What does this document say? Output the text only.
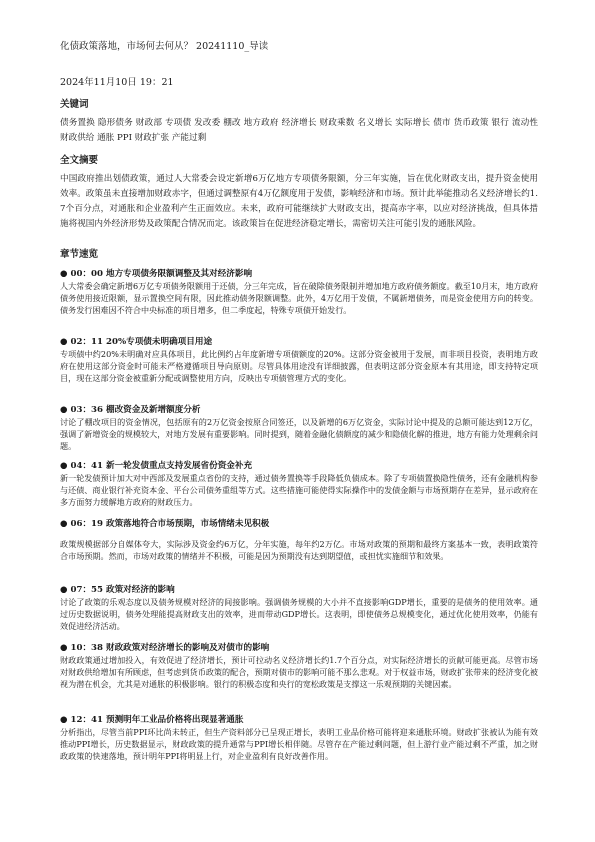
化债政策落地，市场何去何从？ 20241110_导读
2024年11月10日 19：21
关键词
债务置换 隐形债务 财政部 专项债 发改委 棚改 地方政府 经济增长 财政乘数 名义增长 实际增长 债市 货币政策 银行 流动性 财政供给 通胀 PPI 财政扩张 产能过剩
全文摘要
中国政府推出划债政策，通过人大常委会设定新增6万亿地方专项债务限额，分三年实施，旨在优化财政支出，提升资金使用效率。政策虽未直接增加财政赤字，但通过调整原有4万亿额度用于发债，影响经济和市场。预计此举能推动名义经济增长约1.7个百分点，对通胀和企业盈利产生正面效应。未来，政府可能继续扩大财政支出，提高赤字率，以应对经济挑战，但具体措施将视国内外经济形势及政策配合情况而定。该政策旨在促进经济稳定增长，需密切关注可能引发的通胀风险。
章节速览
● 00：00 地方专项债务限额调整及其对经济影响
人大常委会确定新增6万亿专项债务限额用于还债，分三年完成，旨在破除债务限制并增加地方政府债务额度。截至10月末，地方政府债务使用接近限额，显示置换空间有限，因此推动债务限额调整。此外，4万亿用于发债，不属新增债务，而是资金使用方向的转变。债务发行困难因不符合中央标准的项目增多，但二季度起，特殊专项债开始发行。
● 02：11 20%专项债未明确项目用途
专项债中约20%未明确对应具体项目，此比例约占年度新增专项债额度的20%。这部分资金被用于发展，而非项目投资，表明地方政府在使用这部分资金时可能未严格遵循项目导向原则。尽管具体用途没有详细披露，但表明这部分资金原本有其用途，即支持特定项目，现在这部分资金被重新分配或调整使用方向，反映出专项债管理方式的变化。
● 03：36 棚改资金及新增额度分析
讨论了棚改项目的资金情况，包括原有的2万亿资金按原合同签还，以及新增的6万亿资金，实际讨论中提及的总额可能达到12万亿，强调了新增资金的规模较大，对地方发展有重要影响。同时提到，随着金融化债额度的减少和隐债化解的推进，地方有能力处理剩余问题。
● 04：41 新一轮发债重点支持发展省份资金补充
新一轮发债预计加大对中西部及发展重点省份的支持，通过债务置换等手段降低负债成本。除了专项债置换隐性债务，还有金融机构参与还债、商业银行补充资本金、平台公司债务重组等方式。这些措施可能使得实际操作中的发债金额与市场预期存在差异，显示政府在多方面努力缓解地方政府的财政压力。
● 06：19 政策落地符合市场预期，市场情绪未见积极
政策规模据部分自媒体夸大，实际涉及资金约6万亿，分年实施，每年约2万亿。市场对政策的预期和最终方案基本一致，表明政策符合市场预期。然而，市场对政策的情绪并不积极，可能是因为预期没有达到期望值，或担忧实施细节和效果。
● 07：55 政策对经济的影响
讨论了政策的乐观态度以及债务规模对经济的间接影响。强调债务规模的大小并不直接影响GDP增长，重要的是债务的使用效率。通过历史数据说明，债务处理能提高财政支出的效率，进而带动GDP增长。这表明，即使债务总规模变化，通过优化使用效率，仍能有效促进经济活动。
● 10：38 财政政策对经济增长的影响及对债市的影响
财政政策通过增加投入，有效促进了经济增长，预计可拉动名义经济增长约1.7个百分点，对实际经济增长的贡献可能更高。尽管市场对财政供给增加有所顾虑，但考虑到货币政策的配合，预期对债市的影响可能不那么悲观。对于权益市场，财政扩张带来的经济变化被视为潜在机会，尤其是对通胀的积极影响。银行的积极态度和央行的宽松政策是支撑这一乐观预期的关键因素。
● 12：41 预测明年工业品价格将出现显著通胀
分析指出，尽管当前PPI环比尚未转正，但生产资料部分已呈现正增长，表明工业品价格可能将迎来通胀环境。财政扩张被认为能有效推动PPI增长，历史数据显示，财政政策的提升通常与PPI增长相伴随。尽管存在产能过剩问题，但上游行业产能过剩不严重，加之财政政策的快速落地，预计明年PPI将明显上行，对企业盈利有良好改善作用。
